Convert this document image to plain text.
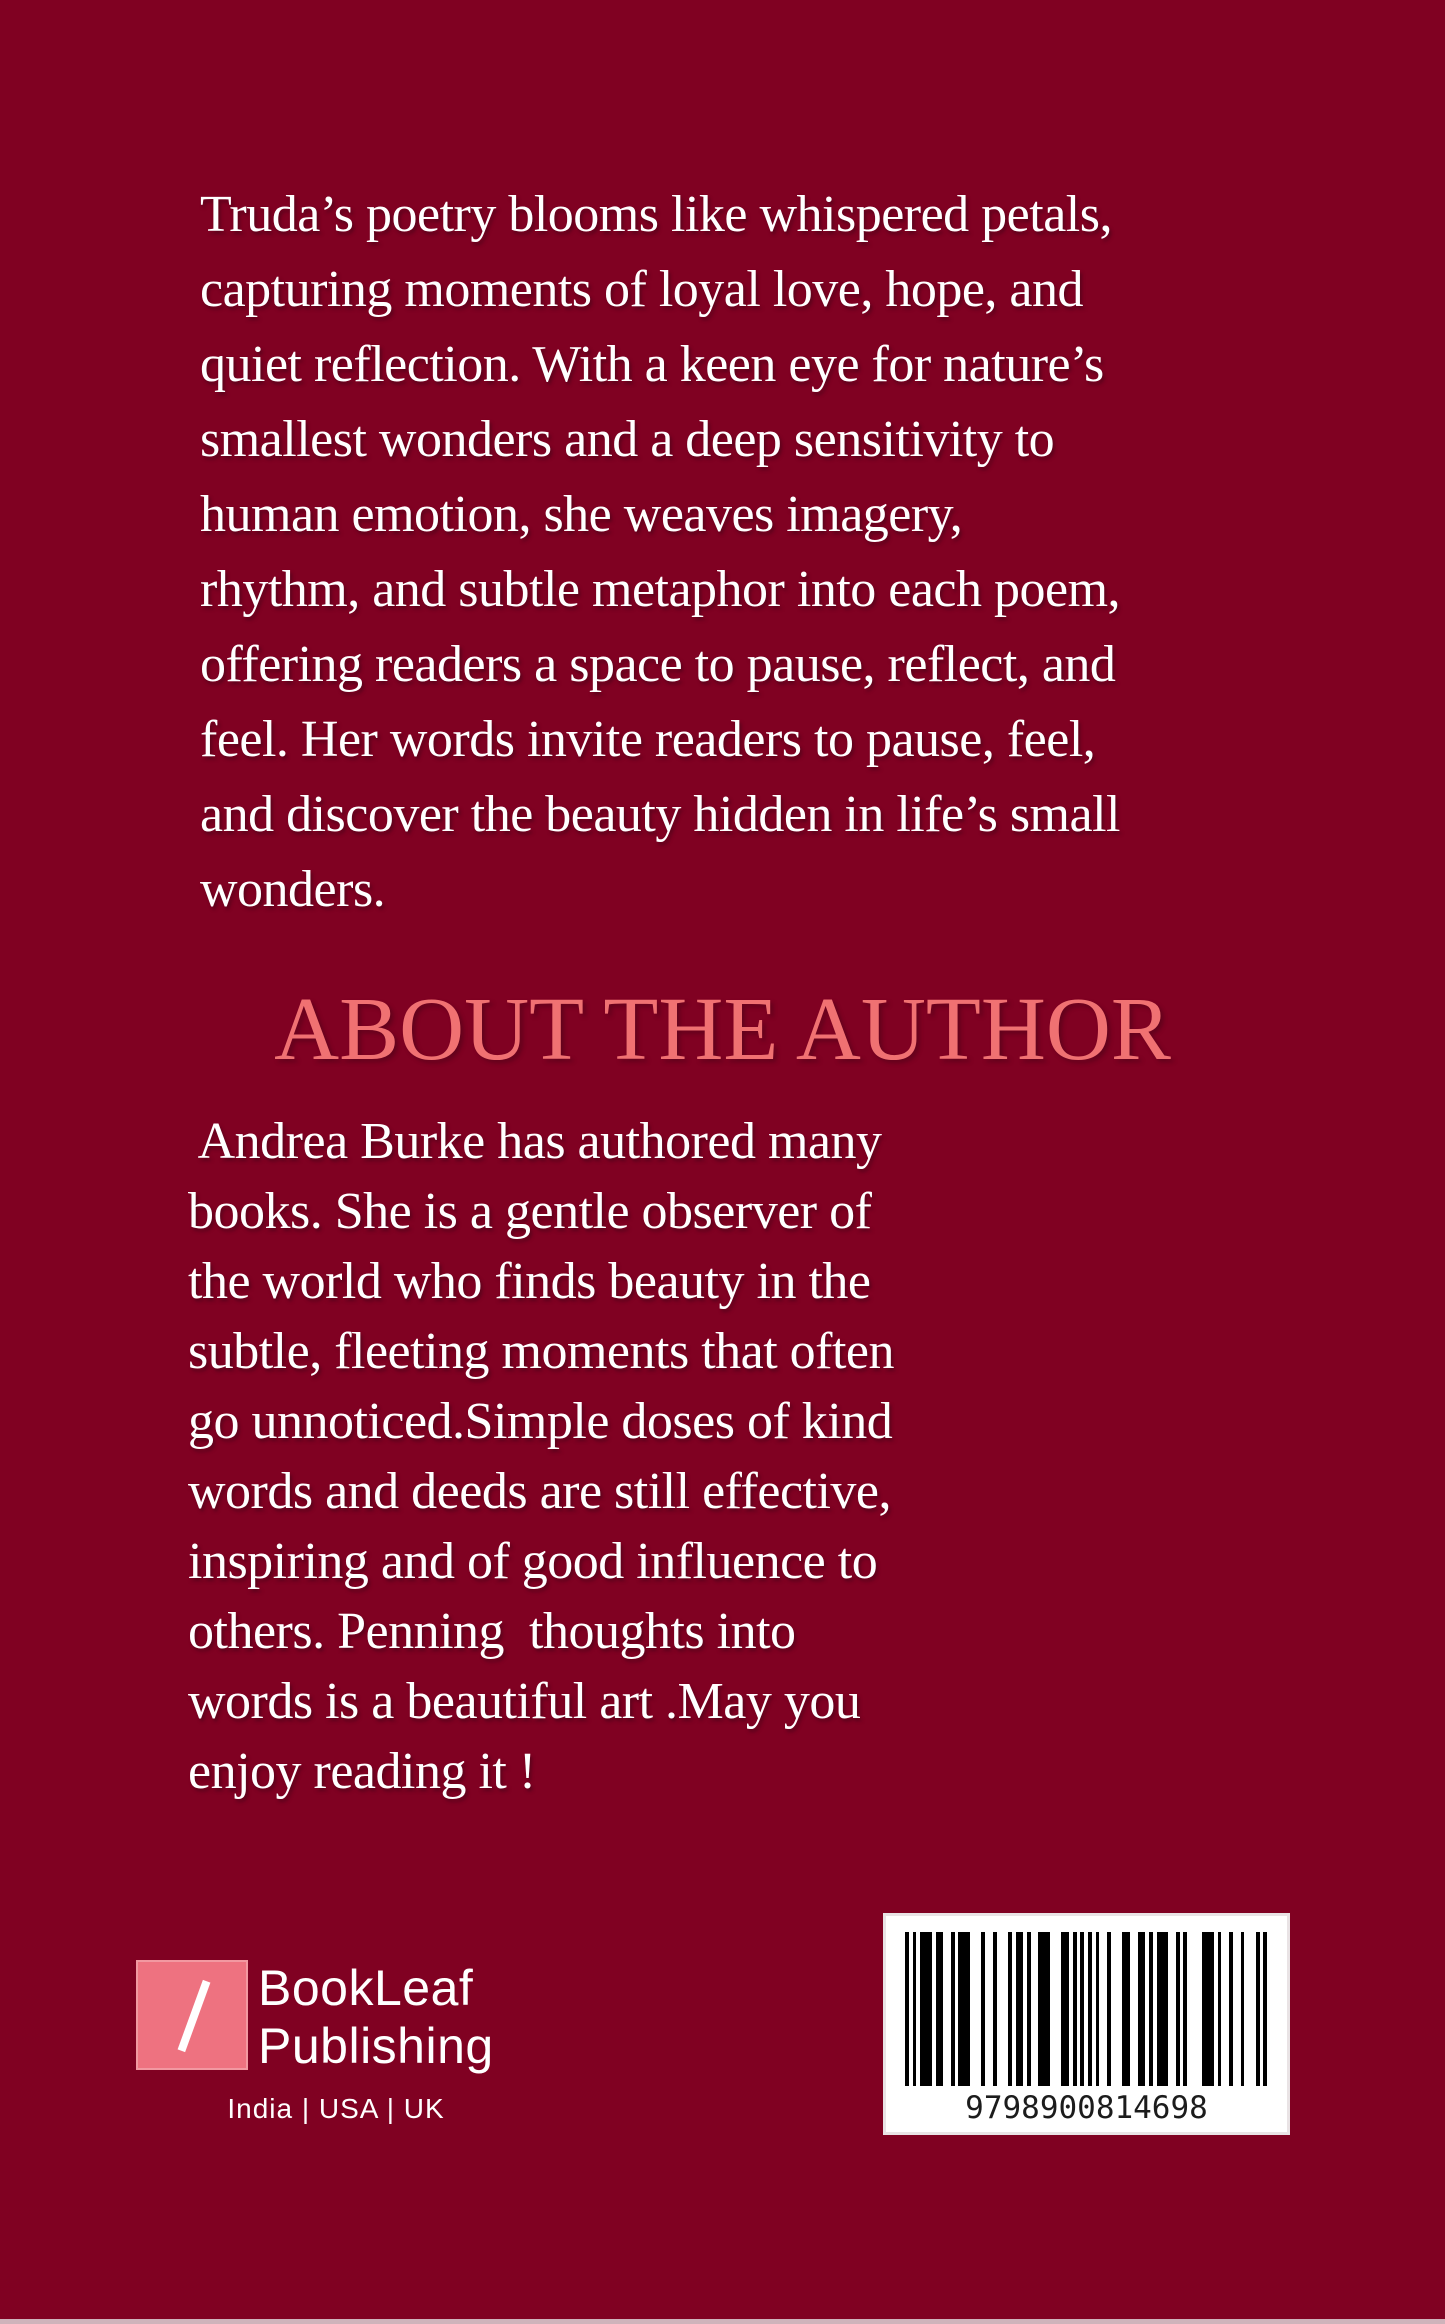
Truda’s poetry blooms like whispered petals,
capturing moments of loyal love, hope, and
quiet reflection. With a keen eye for nature’s
smallest wonders and a deep sensitivity to
human emotion, she weaves imagery,
rhythm, and subtle metaphor into each poem,
offering readers a space to pause, reflect, and
feel. Her words invite readers to pause, feel,
and discover the beauty hidden in life’s small
wonders.
ABOUT THE AUTHOR
Andrea Burke has authored many
books. She is a gentle observer of
the world who finds beauty in the
subtle, fleeting moments that often
go unnoticed.Simple doses of kind
words and deeds are still effective,
inspiring and of good influence to
others. Penning  thoughts into
words is a beautiful art .May you
enjoy reading it !
BookLeaf
Publishing
India | USA | UK	9798900814698
